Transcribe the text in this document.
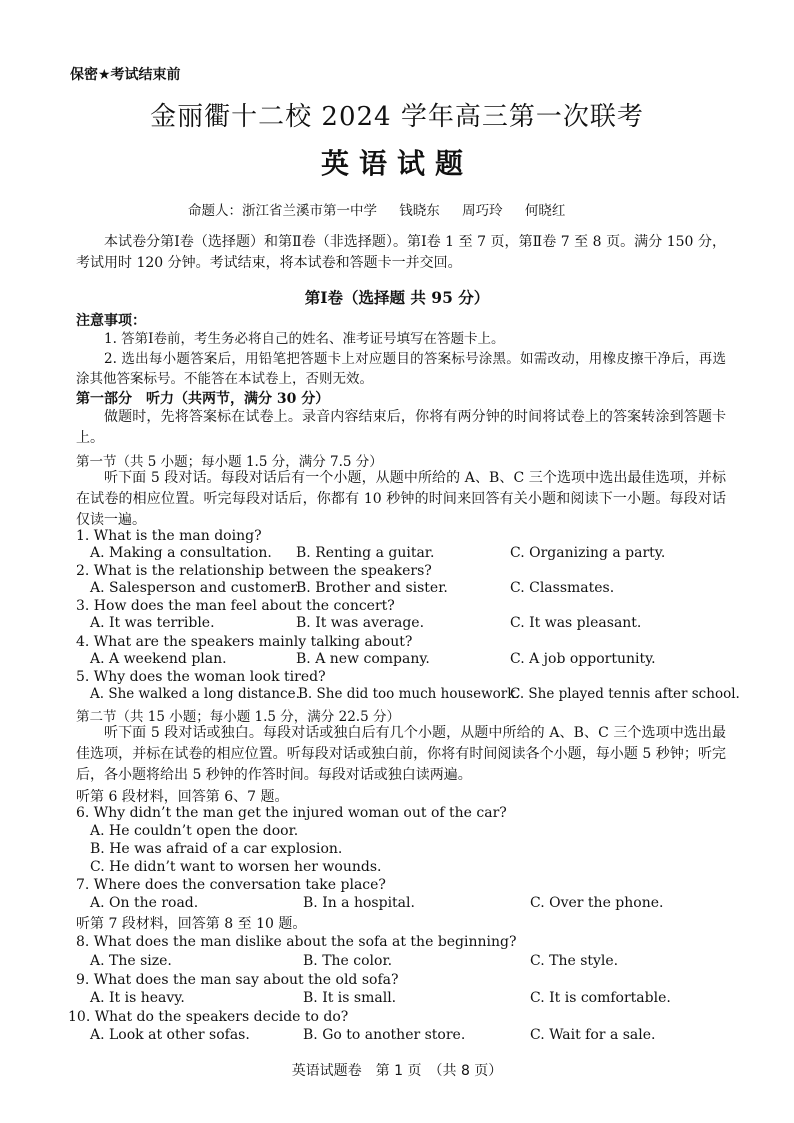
保密★考试结束前
金丽衢十二校 2024 学年高三第一次联考
英语试题
命题人：浙江省兰溪市第一中学 钱晓东 周巧玲 何晓红
本试卷分第Ⅰ卷（选择题）和第Ⅱ卷（非选择题）。第Ⅰ卷 1 至 7 页，第Ⅱ卷 7 至 8 页。满分 150 分，考试用时 120 分钟。考试结束，将本试卷和答题卡一并交回。
第Ⅰ卷（选择题 共 95 分）
注意事项：
1. 答第Ⅰ卷前，考生务必将自己的姓名、准考证号填写在答题卡上。
2. 选出每小题答案后，用铅笔把答题卡上对应题目的答案标号涂黑。如需改动，用橡皮擦干净后，再选涂其他答案标号。不能答在本试卷上，否则无效。
第一部分　听力（共两节，满分 30 分）
做题时，先将答案标在试卷上。录音内容结束后，你将有两分钟的时间将试卷上的答案转涂到答题卡上。
第一节（共 5 小题；每小题 1.5 分，满分 7.5 分）
听下面 5 段对话。每段对话后有一个小题，从题中所给的 A、B、C 三个选项中选出最佳选项，并标在试卷的相应位置。听完每段对话后，你都有 10 秒钟的时间来回答有关小题和阅读下一小题。每段对话仅读一遍。
1. What is the man doing?
A. Making a consultation. B. Renting a guitar.	C. Organizing a party.
2. What is the relationship between the speakers?
A. Salesperson and customer.
B. Brother and sister.	C. Classmates.
3. How does the man feel about the concert?
A. It was terrible.	B. It was average.	C. It was pleasant.
4. What are the speakers mainly talking about?
A. A weekend plan.	B. A new company.	C. A job opportunity.
5. Why does the woman look tired?
A. She walked a long distance.
B. She did too much housework.
C. She played tennis after school.
第二节（共 15 小题；每小题 1.5 分，满分 22.5 分）
听下面 5 段对话或独白。每段对话或独白后有几个小题，从题中所给的 A、B、C 三个选项中选出最佳选项，并标在试卷的相应位置。听每段对话或独白前，你将有时间阅读各个小题，每小题 5 秒钟；听完后，各小题将给出 5 秒钟的作答时间。每段对话或独白读两遍。
听第 6 段材料，回答第 6、7 题。
6. Why didn’t the man get the injured woman out of the car?
A. He couldn’t open the door.
B. He was afraid of a car explosion.
C. He didn’t want to worsen her wounds.
7. Where does the conversation take place?
A. On the road.	B. In a hospital.	C. Over the phone.
听第 7 段材料，回答第 8 至 10 题。
8. What does the man dislike about the sofa at the beginning?
A. The size.	B. The color.	C. The style.
9. What does the man say about the old sofa?
A. It is heavy.	B. It is small.	C. It is comfortable.
10. What do the speakers decide to do?
A. Look at other sofas.	B. Go to another store.	C. Wait for a sale.
英语试题卷　第 1 页　（共 8 页）
